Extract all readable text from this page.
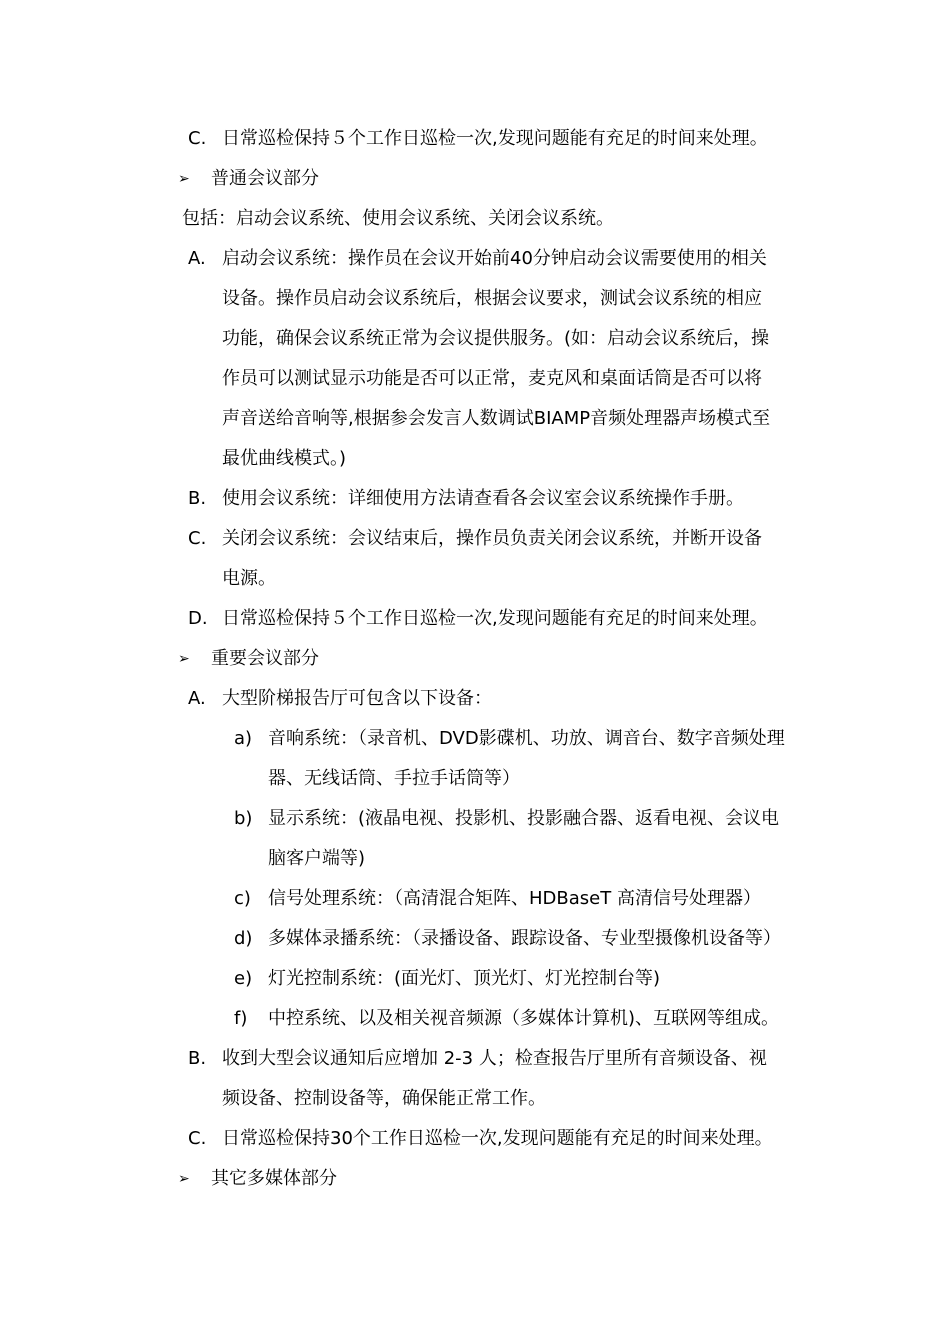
C. 日常巡检保持５个工作日巡检一次,发现问题能有充足的时间来处理。
➢ 普通会议部分
包括：启动会议系统、使用会议系统、关闭会议系统。
A. 启动会议系统：操作员在会议开始前40分钟启动会议需要使用的相关
设备。操作员启动会议系统后，根据会议要求，测试会议系统的相应
功能，确保会议系统正常为会议提供服务。(如：启动会议系统后，操
作员可以测试显示功能是否可以正常，麦克风和桌面话筒是否可以将
声音送给音响等,根据参会发言人数调试BIAMP音频处理器声场模式至
最优曲线模式。)
B. 使用会议系统：详细使用方法请查看各会议室会议系统操作手册。
C. 关闭会议系统：会议结束后，操作员负责关闭会议系统，并断开设备
电源。
D. 日常巡检保持５个工作日巡检一次,发现问题能有充足的时间来处理。
➢ 重要会议部分
A. 大型阶梯报告厅可包含以下设备：
a) 音响系统：（录音机、DVD影碟机、功放、调音台、数字音频处理
器、无线话筒、手拉手话筒等）
b) 显示系统：(液晶电视、投影机、投影融合器、返看电视、会议电
脑客户端等)
c) 信号处理系统：（高清混合矩阵、HDBaseT 高清信号处理器）
d) 多媒体录播系统：（录播设备、跟踪设备、专业型摄像机设备等）
e) 灯光控制系统：(面光灯、顶光灯、灯光控制台等)
f) 中控系统、以及相关视音频源（多媒体计算机)、互联网等组成。
B. 收到大型会议通知后应增加 2-3 人；检查报告厅里所有音频设备、视
频设备、控制设备等，确保能正常工作。
C. 日常巡检保持30个工作日巡检一次,发现问题能有充足的时间来处理。
➢ 其它多媒体部分
